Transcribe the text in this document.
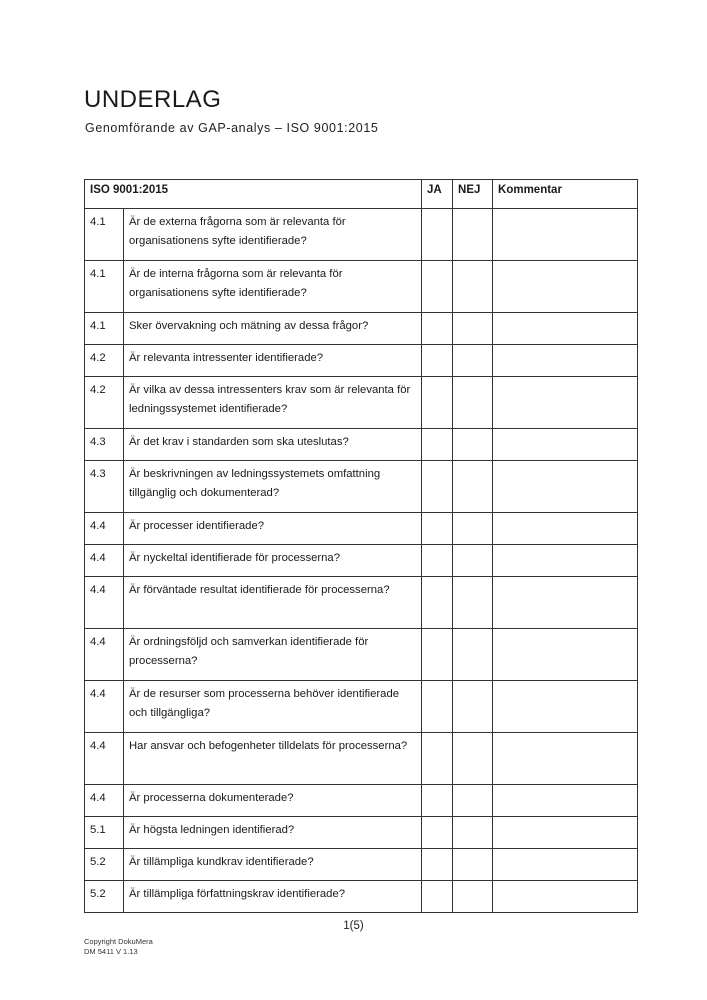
UNDERLAG
Genomförande av GAP-analys – ISO 9001:2015
ISO 9001:2015		JA	NEJ	Kommentar
4.1	Är de externa frågorna som är relevanta för organisationens syfte identifierade?			
4.1	Är de interna frågorna som är relevanta för organisationens syfte identifierade?			
4.1	Sker övervakning och mätning av dessa frågor?			
4.2	Är relevanta intressenter identifierade?			
4.2	Är vilka av dessa intressenters krav som är relevanta för ledningssystemet identifierade?			
4.3	Är det krav i standarden som ska uteslutas?			
4.3	Är beskrivningen av ledningssystemets omfattning tillgänglig och dokumenterad?			
4.4	Är processer identifierade?			
4.4	Är nyckeltal identifierade för processerna?			
4.4	Är förväntade resultat identifierade för processerna?			
4.4	Är ordningsföljd och samverkan identifierade för processerna?			
4.4	Är de resurser som processerna behöver identifierade och tillgängliga?			
4.4	Har ansvar och befogenheter tilldelats för processerna?			
4.4	Är processerna dokumenterade?			
5.1	Är högsta ledningen identifierad?			
5.2	Är tillämpliga kundkrav identifierade?			
5.2	Är tillämpliga författningskrav identifierade?			
1(5)
Copyright DokuMera
DM 5411 V 1.13
